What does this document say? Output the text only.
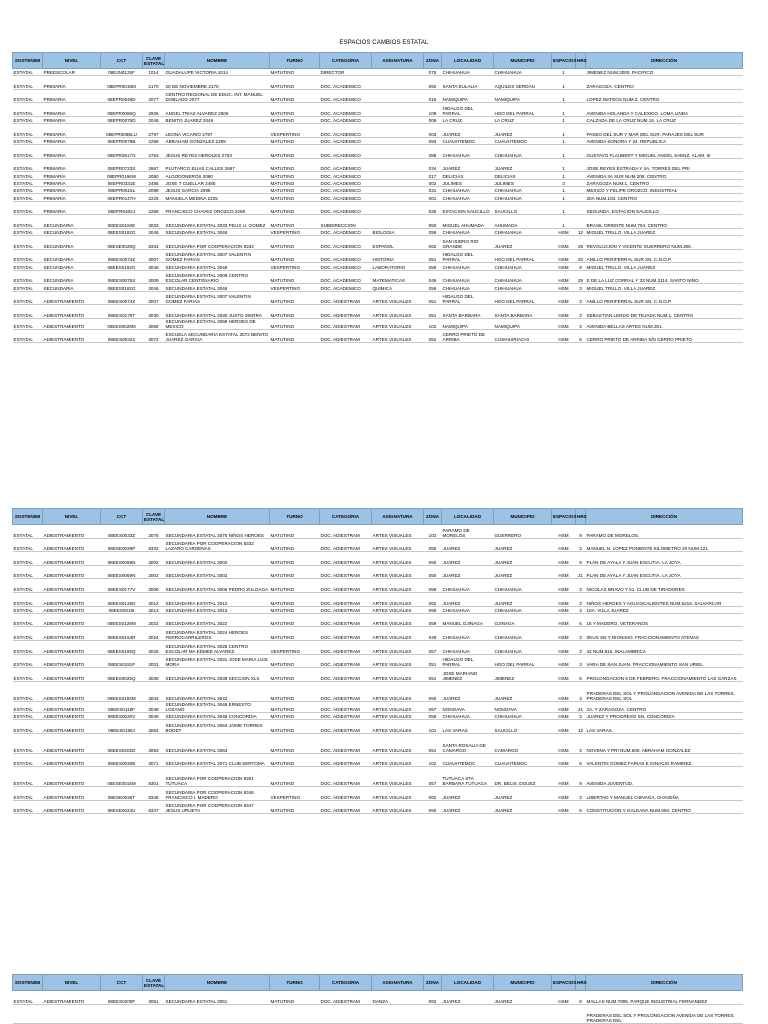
ESPACIOS CAMBIOS ESTATAL
SOSTENIMI	NIVEL	CCT	CLAVE ESTATAL	NOMBRE	TURNO	CATEGORIA	ASIGNATURA	ZONA	LOCALIDAD	MUNICIPIO	ESPACIOS	HRS	DIRECCIÓN
ESTATAL	PREESCOLAR	08EJN0125F	1014	GUADALUPE VICTORIA 1014	MATUTINO	DIRECTOR		075	CHIHUAHUA	CHIHUAHUA	1		JIMENEZ NUM.3000. PACIFICO
ESTATAL	PRIMARIA	08EPR0019M	2170	20 DE NOVIEMBRE 2170	MATUTINO	DOC. ACADEMICO		092	SANTA EULALIA	AQUILES SERDAN	1		ZARAGOZA. CENTRO
ESTATAL	PRIMARIA	08EPR0049D	2077	CENTRO REGIONAL DE EDUC. INT. MANUEL DOBLADO 2077	MATUTINO	DOC. ACADEMICO		016	NAMIQUIPA	NAMIQUIPA	1		LOPEZ MATEOS NUM.3. CENTRO
ESTATAL	PRIMARIA	08EPR0066Q	2606	ANGEL TRIAS ALVAREZ 2606	MATUTINO	DOC. ACADEMICO		109	HIDALGO DEL PARRAL	HGO DEL PARRAL	1		AVENIDA HOLANDA Y CALEXICO. LOMA LINDA
ESTATAL	PRIMARIA	08EPR0076D	2046	BENITO JUAREZ 2046	MATUTINO	DOC. ACADEMICO		006	LA CRUZ	LA CRUZ	1		CALZADA DE LA CRUZ NUM.15. LA CRUZ
ESTATAL	PRIMARIA	08EPR0086LU	2797	LEONA VICARIO 2797	VESPERTINO	DOC. ACADEMICO		003	JUAREZ	JUAREZ	1		PASEO DEL SUR Y MAR DEL SUR. PARAJES DEL SUR
ESTATAL	PRIMARIA	08EPR0078B	2298	ABRAHAM GONZALEZ 2298	MATUTINO	DOC. ACADEMICO		093	CUAUHTEMOC	CUAUHTEMOC	1		AVENIDA SONORA Y 24. REPUBLICA
ESTATAL	PRIMARIA	08EPR0817G	2753	JESUS REYES HEROLES 2753	MATUTINO	DOC. ACADEMICO		088	CHIHUAHUA	CHIHUAHUA	1		GUSTAVO FLAUBERT Y MIGUEL ANGEL SAENZ. ALAM. III
ESTATAL	PRIMARIA	08EPR0723S	2667	PLUTARCO ELIAS CALLES 2667	MATUTINO	DOC. ACADEMICO		034	JUAREZ	JUAREZ	1		JOSE REYES ESTRADA Y 4A. TORRES DEL PRI
ESTATAL	PRIMARIA	08EPR0166W	2080	ALGODONEROS 2080	MATUTINO	DOC. ACADEMICO		017	DELICIAS	DELICIAS	1		AVENIDA 3A SUR NUM.208. CENTRO
ESTATAL	PRIMARIA	08EPR0331E	2485	JOSE T CUELLAR 2485	MATUTINO	DOC. ACADEMICO		002	JULIMES	JULIMES	3		ZARAGOZA NUM.1. CENTRO
ESTATAL	PRIMARIA	08EPR0515L	2098	JESUS GARCIA 2098	MATUTINO	DOC. ACADEMICO		031	CHIHUAHUA	CHIHUAHUA	1		MEXICO Y FELIPE OROZCO. INDUSTRIAL
ESTATAL	PRIMARIA	08EPR0147H	2225	MANUELA MEDINA 2225	MATUTINO	DOC. ACADEMICO		001	CHIHUAHUA	CHIHUAHUA	1		20A NUM.103. CENTRO
ESTATAL	PRIMARIA	08EPR0402J	2268	FRANCISCO CHAVEZ OROZCO 2268	MATUTINO	DOC. ACADEMICO		025	ESTACION SAUCILLO	SAUCILLO	1		SEGUNDA. ESTACION SAUCILLO
ESTATAL	SECUNDARIA	08EES0184E	3033	SECUNDARIA ESTATAL 3033 FELIX U. GOMEZ	MATUTINO	SUBDIRECCION		050	MIGUEL AHUMADA	AHUMADA	1		BRASIL ORIENTE NUM.704. CENTRO
ESTATAL	SECUNDARIA	08EES0182G	3046	SECUNDARIA ESTATAL 3046	VESPERTINO	DOC. ACADEMICO	BIOLOGIA	059	CHIHUAHUA	CHIHUAHUA	HSM	12	MIGUEL TRILLO. VILLA JUAREZ
ESTATAL	SECUNDARIA	08ESE0028Q	8334	SECUNDARIA POR COOPERACION 8334	MATUTINO	DOC. ACADEMICO	ESPAÑOL	062	SAN ISIDRO RIO GRANDE	JUAREZ	HSM	25	REVOLUCION Y VICENTE GUERRERO NUM.306.
ESTATAL	SECUNDARIA	08EES0074Z	3007	SECUNDARIA ESTATAL 3007 VALENTIN GOMEZ FARIAS	MATUTINO	DOC. ACADEMICO	HISTORIA	051	HIDALGO DEL PARRAL	HGO DEL PARRAL	HSM	20	ANILLO PERIFERRAL SUR SN. C.N.O.P.
ESTATAL	SECUNDARIA	08EES0182G	3046	SECUNDARIA ESTATAL 3046	VESPERTINO	DOC. ACADEMICO	LABORATORIO	059	CHIHUAHUA	CHIHUAHUA	HSM	9	MIGUEL TRILLO. VILLA JUAREZ
ESTATAL	SECUNDARIA	08EES0076X	3009	SECUNDARIA ESTATAL 3009 CENTRO ESCOLAR CENTENARIO	MATUTINO	DOC. ACADEMICO	MATEMATICAS	049	CHIHUAHUA	CHIHUAHUA	HSM	25	E DE LA LUZ CORRAL Y 33 NUM.3114. SANTO NIÑO
ESTATAL	SECUNDARIA	08EES0182G	3046	SECUNDARIA ESTATAL 3046	VESPERTINO	DOC. ACADEMICO	QUIMICA	059	CHIHUAHUA	CHIHUAHUA	HSM	3	MIGUEL TRILLO. VILLA JUAREZ
ESTATAL	ADIESTRAMIENTO	08EES0074Z	3007	SECUNDARIA ESTATAL 3007 VALENTIN GOMEZ FARIAS	MATUTINO	DOC. ADIESTRAM	ARTES VISUALES	051	HIDALGO DEL PARRAL	HGO DEL PARRAL	HSM	3	ANILLO PERIFERRAL SUR SN. C.N.O.P.
ESTATAL	ADIESTRAMIENTO	08EES0179T	3030	SECUNDARIA ESTATAL 3030 JUSTO SIERRA	MATUTINO	DOC. ADIESTRAM	ARTES VISUALES	051	SANTA BARBARA	SANTA BARBARA	HSM	3	SEBASTIAN LERDO DE TEJADA NUM.1. CENTRO
ESTATAL	ADIESTRAMIENTO	08EES0029M	3069	SECUNDARIA ESTATAL 3069 HEROES DE MEXICO	MATUTINO	DOC. ADIESTRAM	ARTES VISUALES	102	NAMIQUIPA	NAMIQUIPA	HSM	3	AVENIDA BELLAS ARTES NUM.301.
ESTATAL	ADIESTRAMIENTO	08EES0032Z	3072	ESCUELA SECUNDARIA ESTATAL 3072 BENITO JUAREZ GARCIA	MATUTINO	DOC. ADIESTRAM	ARTES VISUALES	052	CERRO PRIETO DE ARRIBA	CUSIHUIRIACHI	HSM	6	CERRO PRIETO DE ARRIBA S/N CERRO PRIETO
SOSTENIMI	NIVEL	CCT	CLAVE ESTATAL	NOMBRE	TURNO	CATEGORIA	ASIGNATURA	ZONA	LOCALIDAD	MUNICIPIO	ESPACIOS	HRS	DIRECCIÓN
ESTATAL	ADIESTRAMIENTO	08EES0033Z	3075	SECUNDARIA ESTATAL 3075 NIÑOS HEROES	MATUTINO	DOC. ADIESTRAM	ARTES VISUALES	102	PARAMO DE MORELOS	GUERRERO	HSM	9	PARAMO DE MORELOS.
ESTATAL	ADIESTRAMIENTO	08ESE0029P	8332	SECUNDARIA POR COOPERACION 8332 LAZARO CARDENAS	MATUTINO	DOC. ADIESTRAM	ARTES VISUALES	050	JUAREZ	JUAREZ	HSM	3	MANUEL N. LOPEZ PONIENTE KILOMETRO 20 NUM.121.
ESTATAL	ADIESTRAMIENTO	08EES0069N	3002	SECUNDARIA ESTATAL 3002	MATUTINO	DOC. ADIESTRAM	ARTES VISUALES	050	JUAREZ	JUAREZ	HSM	9	PLAN DE AYALA Y JUAN ESCUTIA. LA JOYA
ESTATAL	ADIESTRAMIENTO	08EES0069N	3002	SECUNDARIA ESTATAL 3002	MATUTINO	DOC. ADIESTRAM	ARTES VISUALES	050	JUAREZ	JUAREZ	HSM	21	PLAN DE AYALA Y JUAN ESCUTIA. LA JOYA
ESTATAL	ADIESTRAMIENTO	08EES0177V	3006	SECUNDARIA ESTATAL 3006 PEDRO ZULOAGA	MATUTINO	DOC. ADIESTRAM	ARTES VISUALES	059	CHIHUAHUA	CHIHUAHUA	HSM	3	NICOLAS BRAVO Y 51. CLUB DE TIRADORES
ESTATAL	ADIESTRAMIENTO	08EES0126D	3012	SECUNDARIA ESTATAL 3012	MATUTINO	DOC. ADIESTRAM	ARTES VISUALES	062	JUAREZ	JUAREZ	HSM	3	NIÑOS HEROES Y AGUASCALIENTES NUM.5215. SALVARCAR
ESTATAL	ADIESTRAMIENTO	08EES0016I	3013	SECUNDARIA ESTATAL 3013	MATUTINO	DOC. ADIESTRAM	ARTES VISUALES	059	CHIHUAHUA	CHIHUAHUA	HSM	3	10A. VILLA JUAREZ
ESTATAL	ADIESTRAMIENTO	08EES0128M	3022	SECUNDARIA ESTATAL 3022	MATUTINO	DOC. ADIESTRAM	ARTES VISUALES	059	MANUEL OJINAGA	OJINAGA	HSM	6	16 Y MADERO. VETERANOS
ESTATAL	ADIESTRAMIENTO	08EES0164R	3024	SECUNDARIA ESTATAL 3024 HEROES FERROCARRILEROS	MATUTINO	DOC. ADIESTRAM	ARTES VISUALES	049	CHIHUAHUA	CHIHUAHUA	HSM	3	ZEUS SN Y DIONISIO. FRACCIONAMIENTO ATENAS
ESTATAL	ADIESTRAMIENTO	08EES0165Q	3025	SECUNDARIA ESTATAL 3025 CENTRO ESCOLAR MA EDMEE ALVAREZ	VESPERTINO	DOC. ADIESTRAM	ARTES VISUALES	057	CHIHUAHUA	CHIHUAHUA	HSM	3	42 NUM.815. INALAMBRICA
ESTATAL	ADIESTRAMIENTO	08EES0181F	3031	SECUNDARIA ESTATAL 3031 JOSE MARIA LUIS MORA	MATUTINO	DOC. ADIESTRAM	ARTES VISUALES	051	HIDALGO DEL PARRAL	HGO DEL PARRAL	HSM	3	VARA DE SAN JUAN. FRACCIONAMIENTO SAN URIEL
ESTATAL	ADIESTRAMIENTO	08EES0025Q	3036	SECUNDARIA ESTATAL 3036 SECCION XLII	MATUTINO	DOC. ADIESTRAM	ARTES VISUALES	051	JOSE MARIANO JIMENEZ	JIMENEZ	HSM	6	PROLONGACION 5 DE FEBRERO. FRACCIONAMIENTO LAS GARZAS
ESTATAL	ADIESTRAMIENTO	08EES0193M	3042	SECUNDARIA ESTATAL 3042	MATUTINO	DOC. ADIESTRAM	ARTES VISUALES	050	JUAREZ	JUAREZ	HSM	3	PRADERAS DEL SOL Y PROLONGACION AVENIDA DE LAS TORRES. PRADERAS DEL SOL
ESTATAL	ADIESTRAMIENTO	08EES0118F	3048	SECUNDARIA ESTATAL 3048 ERNESTO LOZANO	MATUTINO	DOC. ADIESTRAM	ARTES VISUALES	057	NONOAVA	NONOAVA	HSM	21	2A. Y ZARAGOZA. CENTRO
ESTATAL	ADIESTRAMIENTO	08EES0020V	3049	SECUNDARIA ESTATAL 3049 CONCORDIA	MATUTINO	DOC. ADIESTRAM	ARTES VISUALES	059	CHIHUAHUA	CHIHUAHUA	HSM	3	JUAREZ Y PROGRESO SN. CONCORDIA
ESTATAL	ADIESTRAMIENTO	08EES0196J	3054	SECUNDARIA ESTATAL 3054 JAIME TORRES BODET	MATUTINO	DOC. ADIESTRAM	ARTES VISUALES	101	LAS VARAS	SAUCILLO	HSM	12	LAS VARAS.
ESTATAL	ADIESTRAMIENTO	08EES0202D	3063	SECUNDARIA ESTATAL 3063	MATUTINO	DOC. ADIESTRAM	ARTES VISUALES	051	SANTA ROSALIA DE CAMARGO	CAMARGO	HSM	3	NOVENA Y PRI NUM.600. ABRAHAM GONZALEZ
ESTATAL	ADIESTRAMIENTO	08EES0030B	3071	SECUNDARIA ESTATAL 3071 CLUB SERTOMA	MATUTINO	DOC. ADIESTRAM	ARTES VISUALES	102	CUAUHTEMOC	CUAUHTEMOC	HSM	6	VALENTIN GOMEZ FARIAS E IGNACIO RAMIREZ.
ESTATAL	ADIESTRAMIENTO	08ESE0015M	8301	SECUNDARIA POR COOPERACION 8301 TUTUACA	MATUTINO	DOC. ADIESTRAM	ARTES VISUALES	057	TUTUACA STA BARBARA TUTUACA	DR. BELIS. DGUEZ	HSM	9	AVENIDA JUVENTUD.
ESTATAL	ADIESTRAMIENTO	08ESE0025T	8346	SECUNDARIA POR COOPERACION 8346 FRANCISCO I. MADERO	VESPERTINO	DOC. ADIESTRAM	ARTES VISUALES	062	JUAREZ	JUAREZ	HSM	3	LIBERTAD Y MANUEL OJINAGA. CHAVEÑA
ESTATAL	ADIESTRAMIENTO	08ESE0024U	8347	SECUNDARIA POR COOPERACION 8347 JESUS URUETA	MATUTINO	DOC. ADIESTRAM	ARTES VISUALES	050	JUAREZ	JUAREZ	HSM	6	CONSTITUCION Y GALEANA NUM.650. CENTRO
SOSTENIMI	NIVEL	CCT	CLAVE ESTATAL	NOMBRE	TURNO	CATEGORIA	ASIGNATURA	ZONA	LOCALIDAD	MUNICIPIO	ESPACIOS	HRS	DIRECCIÓN
ESTATAL	ADIESTRAMIENTO	08EES0200F	3061	SECUNDARIA ESTATAL 3061	MATUTINO	DOC. ADIESTRAM	DANZA	062	JUAREZ	JUAREZ	HSM	9	MALLAS NUM.7805. PARQUE INDUSTRIAL FERNANDEZ
													PRADERAS DEL SOL Y PROLONGACION AVENIDA DE LAS TORRES. PRADERAS DEL
